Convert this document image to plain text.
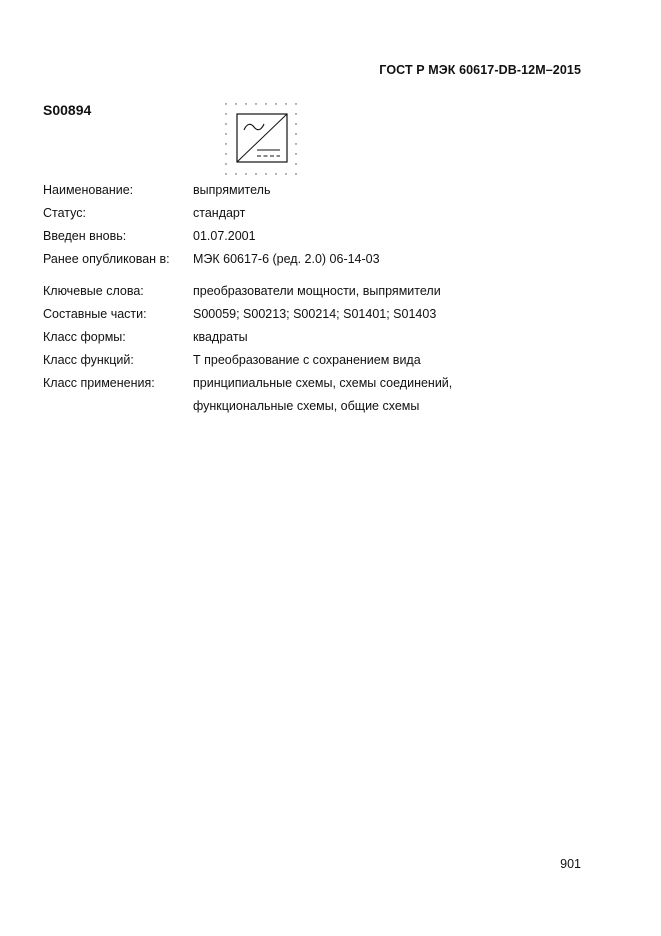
ГОСТ Р МЭК 60617-DB-12M–2015
S00894
Наименование:	выпрямитель
Статус:	стандарт
Введен вновь:	01.07.2001
Ранее опубликован в:	МЭК 60617-6 (ред. 2.0) 06-14-03
Ключевые слова:	преобразователи мощности, выпрямители
Составные части:	S00059; S00213; S00214; S01401; S01403
Класс формы:	квадраты
Класс функций:	Т преобразование с сохранением вида
Класс применения:	принципиальные схемы, схемы соединений,
функциональные схемы, общие схемы
901
